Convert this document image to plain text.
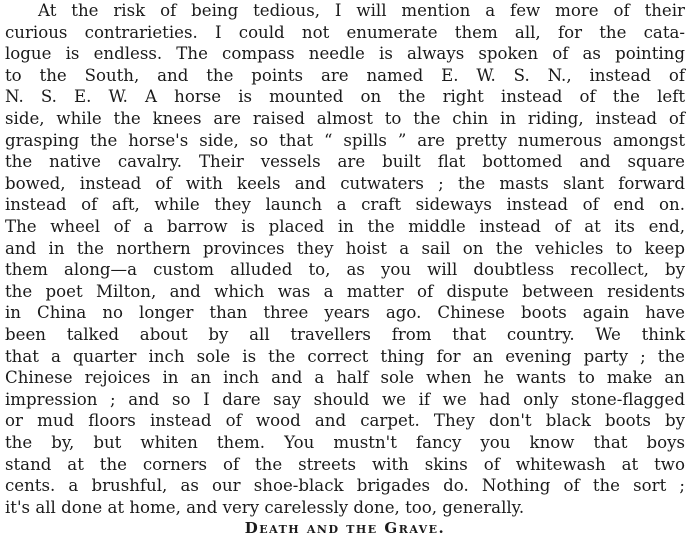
At the risk of being tedious, I will mention a few more of their
curious contrarieties. I could not enumerate them all, for the cata-
logue is endless. The compass needle is always spoken of as pointing
to the South, and the points are named E. W. S. N., instead of
N. S. E. W. A horse is mounted on the right instead of the left
side, while the knees are raised almost to the chin in riding, instead of
grasping the horse's side, so that “ spills ” are pretty numerous amongst
the native cavalry. Their vessels are built flat bottomed and square
bowed, instead of with keels and cutwaters ; the masts slant forward
instead of aft, while they launch a craft sideways instead of end on.
The wheel of a barrow is placed in the middle instead of at its end,
and in the northern provinces they hoist a sail on the vehicles to keep
them along—a custom alluded to, as you will doubtless recollect, by
the poet Milton, and which was a matter of dispute between residents
in China no longer than three years ago. Chinese boots again have
been talked about by all travellers from that country. We think
that a quarter inch sole is the correct thing for an evening party ; the
Chinese rejoices in an inch and a half sole when he wants to make an
impression ; and so I dare say should we if we had only stone-flagged
or mud floors instead of wood and carpet. They don't black boots by
the by, but whiten them. You mustn't fancy you know that boys
stand at the corners of the streets with skins of whitewash at two
cents. a brushful, as our shoe-black brigades do. Nothing of the sort ;
it's all done at home, and very carelessly done, too, generally.
Death and the Grave.
